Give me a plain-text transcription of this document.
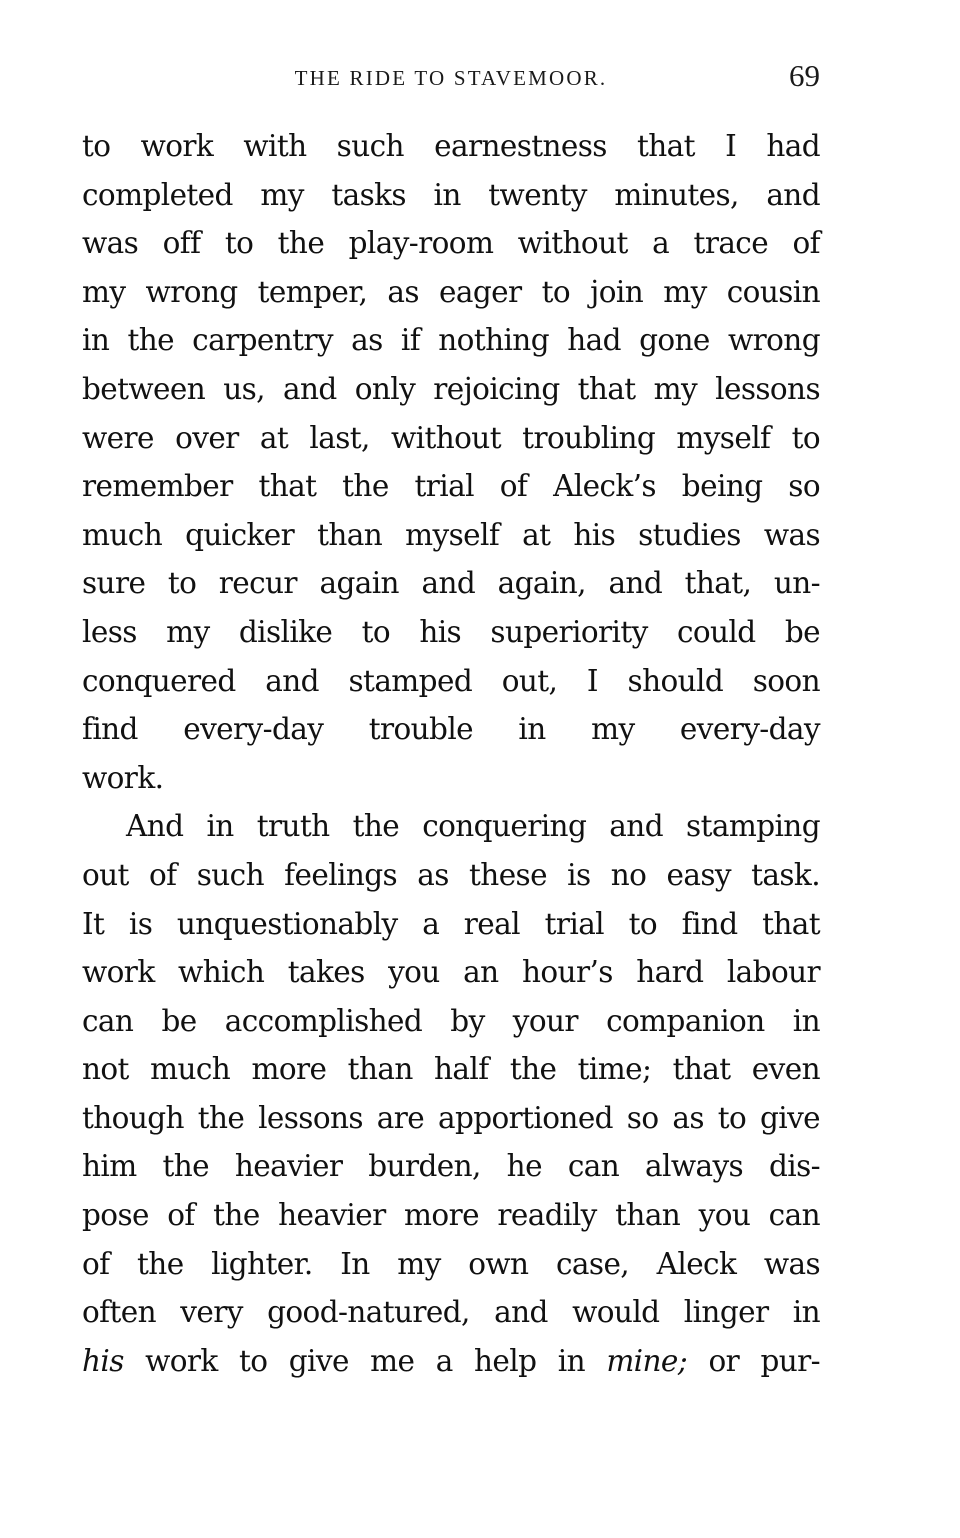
THE RIDE TO STAVEMOOR.	69
to work with such earnestness that I had
completed my tasks in twenty minutes, and
was off to the play-room without a trace of
my wrong temper, as eager to join my cousin
in the carpentry as if nothing had gone wrong
between us, and only rejoicing that my lessons
were over at last, without troubling myself to
remember that the trial of Aleck’s being so
much quicker than myself at his studies was
sure to recur again and again, and that, un-
less my dislike to his superiority could be
conquered and stamped out, I should soon
find every-day trouble in my every-day
work.
And in truth the conquering and stamping
out of such feelings as these is no easy task.
It is unquestionably a real trial to find that
work which takes you an hour’s hard labour
can be accomplished by your companion in
not much more than half the time; that even
though the lessons are apportioned so as to give
him the heavier burden, he can always dis-
pose of the heavier more readily than you can
of the lighter. In my own case, Aleck was
often very good-natured, and would linger in
his work to give me a help in mine; or pur-
